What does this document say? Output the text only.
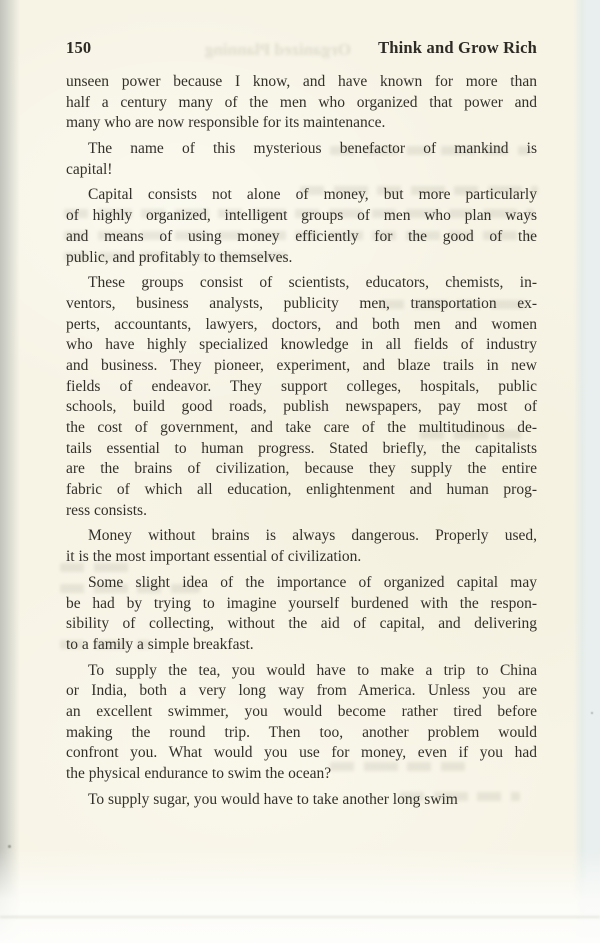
Organized Planning
150	Think and Grow Rich
unseen power because I know, and have known for more than
half a century many of the men who organized that power and
many who are now responsible for its maintenance.
The name of this mysterious benefactor of mankind is
capital!
Capital consists not alone of money, but more particularly
of highly organized, intelligent groups of men who plan ways
and means of using money efficiently for the good of the
public, and profitably to themselves.
These groups consist of scientists, educators, chemists, in-
ventors, business analysts, publicity men, transportation ex-
perts, accountants, lawyers, doctors, and both men and women
who have highly specialized knowledge in all fields of industry
and business. They pioneer, experiment, and blaze trails in new
fields of endeavor. They support colleges, hospitals, public
schools, build good roads, publish newspapers, pay most of
the cost of government, and take care of the multitudinous de-
tails essential to human progress. Stated briefly, the capitalists
are the brains of civilization, because they supply the entire
fabric of which all education, enlightenment and human prog-
ress consists.
Money without brains is always dangerous. Properly used,
it is the most important essential of civilization.
Some slight idea of the importance of organized capital may
be had by trying to imagine yourself burdened with the respon-
sibility of collecting, without the aid of capital, and delivering
to a family a simple breakfast.
To supply the tea, you would have to make a trip to China
or India, both a very long way from America. Unless you are
an excellent swimmer, you would become rather tired before
making the round trip. Then too, another problem would
confront you. What would you use for money, even if you had
the physical endurance to swim the ocean?
To supply sugar, you would have to take another long swim
